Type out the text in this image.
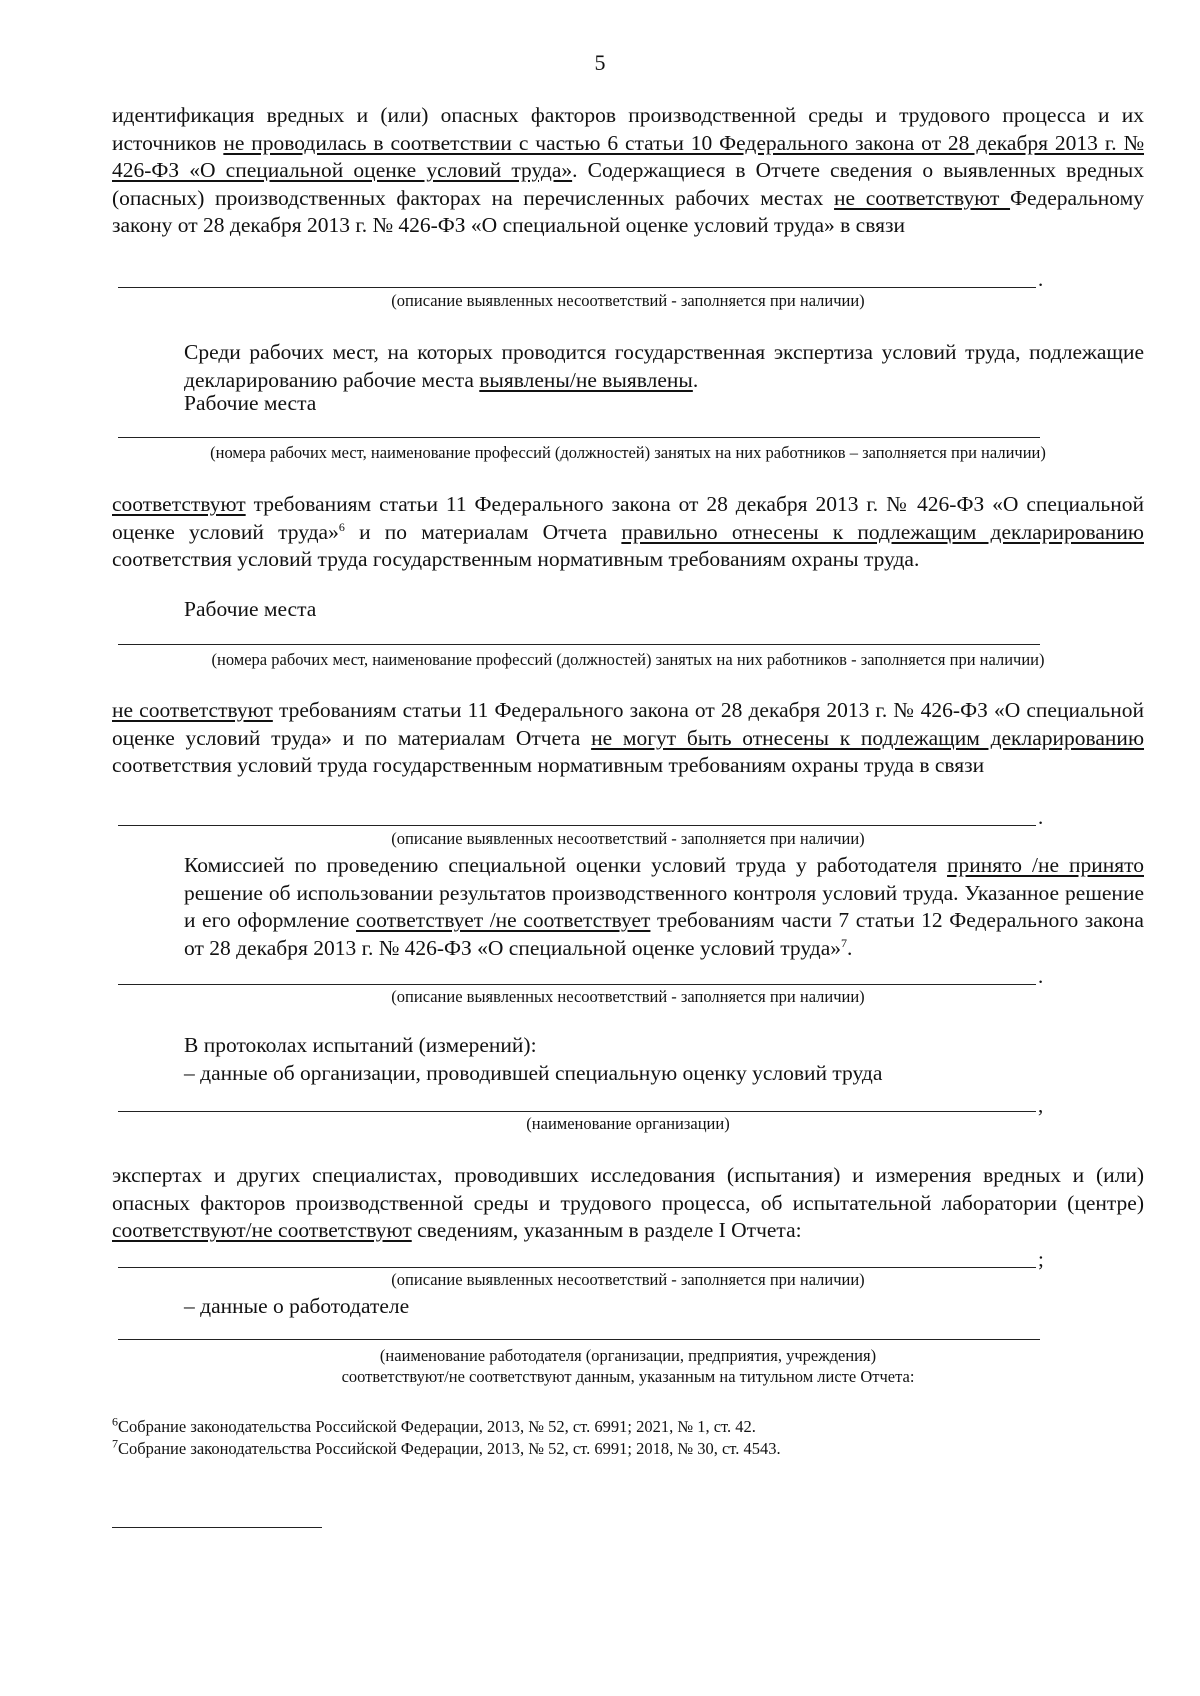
5
идентификация вредных и (или) опасных факторов производственной среды и трудового процесса и их источников не проводилась в соответствии с частью 6 статьи 10 Федерального закона от 28 декабря 2013 г. № 426-ФЗ «О специальной оценке условий труда». Содержащиеся в Отчете сведения о выявленных вредных (опасных) производственных факторах на перечисленных рабочих местах не соответствуют Федеральному закону от 28 декабря 2013 г. № 426-ФЗ «О специальной оценке условий труда» в связи
.
(описание выявленных несоответствий - заполняется при наличии)
Среди рабочих мест, на которых проводится государственная экспертиза условий труда, подлежащие декларированию рабочие места выявлены/не выявлены.
Рабочие места
(номера рабочих мест, наименование профессий (должностей) занятых на них работников – заполняется при наличии)
соответствуют требованиям статьи 11 Федерального закона от 28 декабря 2013 г. № 426-ФЗ «О специальной оценке условий труда»$^6$ и по материалам Отчета правильно отнесены к подлежащим декларированию соответствия условий труда государственным нормативным требованиям охраны труда.
Рабочие места
(номера рабочих мест, наименование профессий (должностей) занятых на них работников - заполняется при наличии)
не соответствуют требованиям статьи 11 Федерального закона от 28 декабря 2013 г. № 426-ФЗ «О специальной оценке условий труда» и по материалам Отчета не могут быть отнесены к подлежащим декларированию соответствия условий труда государственным нормативным требованиям охраны труда в связи
.
(описание выявленных несоответствий - заполняется при наличии)
Комиссией по проведению специальной оценки условий труда у работодателя принято /не принято решение об использовании результатов производственного контроля условий труда. Указанное решение и его оформление соответствует /не соответствует требованиям части 7 статьи 12 Федерального закона от 28 декабря 2013 г. № 426-ФЗ «О специальной оценке условий труда»$^7$.
.
(описание выявленных несоответствий - заполняется при наличии)
В протоколах испытаний (измерений):
– данные об организации, проводившей специальную оценку условий труда
,
(наименование организации)
экспертах и других специалистах, проводивших исследования (испытания) и измерения вредных и (или) опасных факторов производственной среды и трудового процесса, об испытательной лаборатории (центре) соответствуют/не соответствуют сведениям, указанным в разделе I Отчета:
;
(описание выявленных несоответствий - заполняется при наличии)
– данные о работодателе
(наименование работодателя (организации, предприятия, учреждения)
соответствуют/не соответствуют данным, указанным на титульном листе Отчета:
$^6$Собрание законодательства Российской Федерации, 2013, № 52, ст. 6991; 2021, № 1, ст. 42.
$^7$Собрание законодательства Российской Федерации, 2013, № 52, ст. 6991; 2018, № 30, ст. 4543.
